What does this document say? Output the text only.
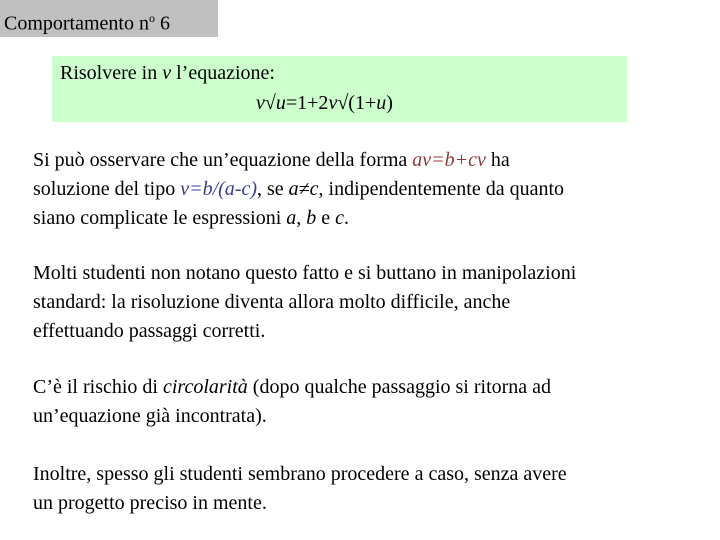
Comportamento $n^o$ 6
Risolvere in v l’equazione:
v√u=1+2v√(1+u)

Si può osservare che un’equazione della forma av=b+cv ha
soluzione del tipo v=b/(a-c), se a≠c, indipendentemente da quanto
siano complicate le espressioni a, b e c.

Molti studenti non notano questo fatto e si buttano in manipolazioni
standard: la risoluzione diventa allora molto difficile, anche
effettuando passaggi corretti.

C’è il rischio di circolarità (dopo qualche passaggio si ritorna ad
un’equazione già incontrata).

Inoltre, spesso gli studenti sembrano procedere a caso, senza avere
un progetto preciso in mente.
